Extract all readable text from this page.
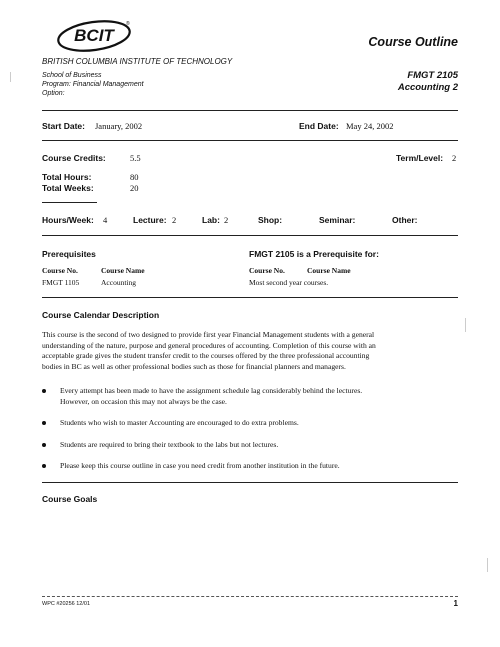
BCIT
®
Course Outline
BRITISH COLUMBIA INSTITUTE OF TECHNOLOGY
School of Business
Program: Financial Management
Option:
FMGT 2105
Accounting 2
Start Date: January, 2002	End Date: May 24, 2002
Course Credits:	5.5	Term/Level: 2
Total Hours:	80
Total Weeks:	20
Hours/Week: 4	Lecture: 2	Lab: 2	Shop:	Seminar:	Other:
Prerequisites
Course No.	Course Name
FMGT 1105	Accounting
FMGT 2105 is a Prerequisite for:
Course No.	Course Name
Most second year courses.
Course Calendar Description
This course is the second of two designed to provide first year Financial Management students with a general
understanding of the nature, purpose and general procedures of accounting. Completion of this course with an
acceptable grade gives the student transfer credit to the courses offered by the three professional accounting
bodies in BC as well as other professional bodies such as those for financial planners and managers.
Every attempt has been made to have the assignment schedule lag considerably behind the lectures.
However, on occasion this may not always be the case.
Students who wish to master Accounting are encouraged to do extra problems.
Students are required to bring their textbook to the labs but not lectures.
Please keep this course outline in case you need credit from another institution in the future.
Course Goals
WPC #20256 12/01	1
